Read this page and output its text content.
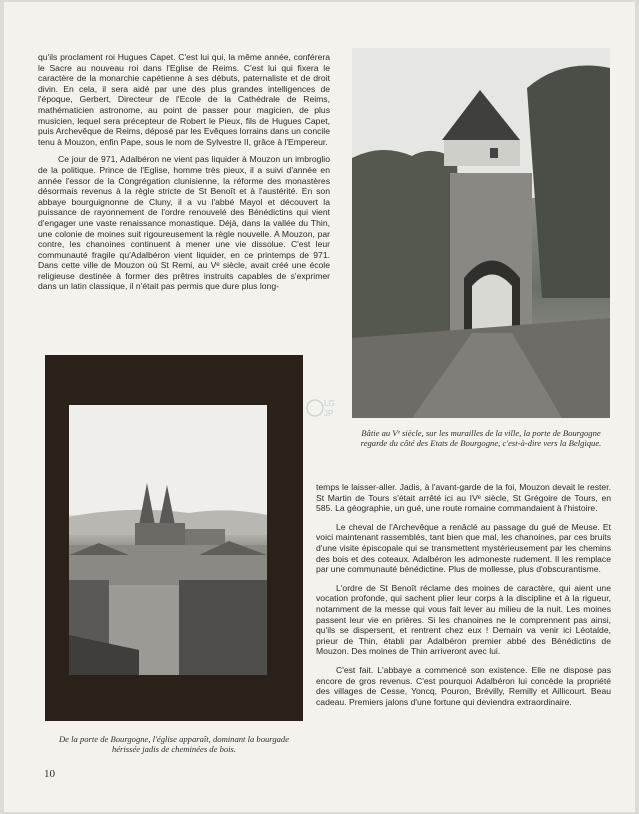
qu'ils proclament roi Hugues Capet. C'est lui qui, la même année, conférera le Sacre au nouveau roi dans l'Eglise de Reims. C'est lui qui fixera le caractère de la monarchie capétienne à ses débuts, paternaliste et de droit divin. En cela, il sera aidé par une des plus grandes intelligences de l'époque, Gerbert, Directeur de l'Ecole de la Cathédrale de Reims, mathématicien astronome, au point de passer pour magicien, de plus musicien, lequel sera précepteur de Robert le Pieux, fils de Hugues Capet, puis Archevêque de Reims, déposé par les Evêques lorrains dans un concile tenu à Mouzon, enfin Pape, sous le nom de Sylvestre II, grâce à l'Empereur.

Ce jour de 971, Adalbéron ne vient pas liquider à Mouzon un imbroglio de la politique. Prince de l'Eglise, homme très pieux, il a suivi d'année en année l'essor de la Congrégation clunisienne, la réforme des monastères désormais revenus à la règle stricte de St Benoît et à l'austérité. En son abbaye bourguignonne de Cluny, il a vu l'abbé Mayol et découvert la puissance de rayonnement de l'ordre renouvelé des Bénédictins qui vient d'engager une vaste renaissance monastique. Déjà, dans la vallée du Thin, une colonie de moines suit rigoureusement la règle nouvelle. A Mouzon, par contre, les chanoines continuent à mener une vie dissolue. C'est leur communauté fragile qu'Adalbéron vient liquider, en ce printemps de 971. Dans cette ville de Mouzon où St Remi, au Vᵉ siècle, avait créé une école religieuse destinée à former des prêtres instruits capables de s'exprimer dans un latin classique, il n'était pas permis que dure plus long-

Bâtie au Vᵉ siècle, sur les murailles de la ville, la porte de Bourgogne regarde du côté des Etats de Bourgogne, c'est-à-dire vers la Belgique.
LG
JP
De la porte de Bourgogne, l'église apparaît, dominant la bourgade hérissée jadis de cheminées de bois.

temps le laisser-aller. Jadis, à l'avant-garde de la foi, Mouzon devait le rester. St Martin de Tours s'était arrêté ici au IVᵉ siècle, St Grégoire de Tours, en 585. La géographie, un gué, une route romaine commandaient à l'histoire.

Le cheval de l'Archevêque a renâclé au passage du gué de Meuse. Et voici maintenant rassemblés, tant bien que mal, les chanoines, par ces bruits d'une visite épiscopale qui se transmettent mystérieusement par les chemins des bois et des coteaux. Adalbéron les admoneste rudement. Il les remplace par une communauté bénédictine. Plus de mollesse, plus d'obscurantisme.

L'ordre de St Benoît réclame des moines de caractère, qui aient une vocation profonde, qui sachent plier leur corps à la discipline et à la rigueur, notamment de la messe qui vous fait lever au milieu de la nuit. Les moines passent leur vie en prières. Si les chanoines ne le comprennent pas ainsi, qu'ils se dispersent, et rentrent chez eux ! Demain va venir ici Léotalde, prieur de Thin, établi par Adalbéron premier abbé des Bénédictins de Mouzon. Des moines de Thin arriveront avec lui.

C'est fait. L'abbaye a commencé son existence. Elle ne dispose pas encore de gros revenus. C'est pourquoi Adalbéron lui concède la propriété des villages de Cesse, Yoncq, Pouron, Brévilly, Remilly et Aillicourt. Beau cadeau. Premiers jalons d'une fortune qui deviendra extraordinaire.

10
